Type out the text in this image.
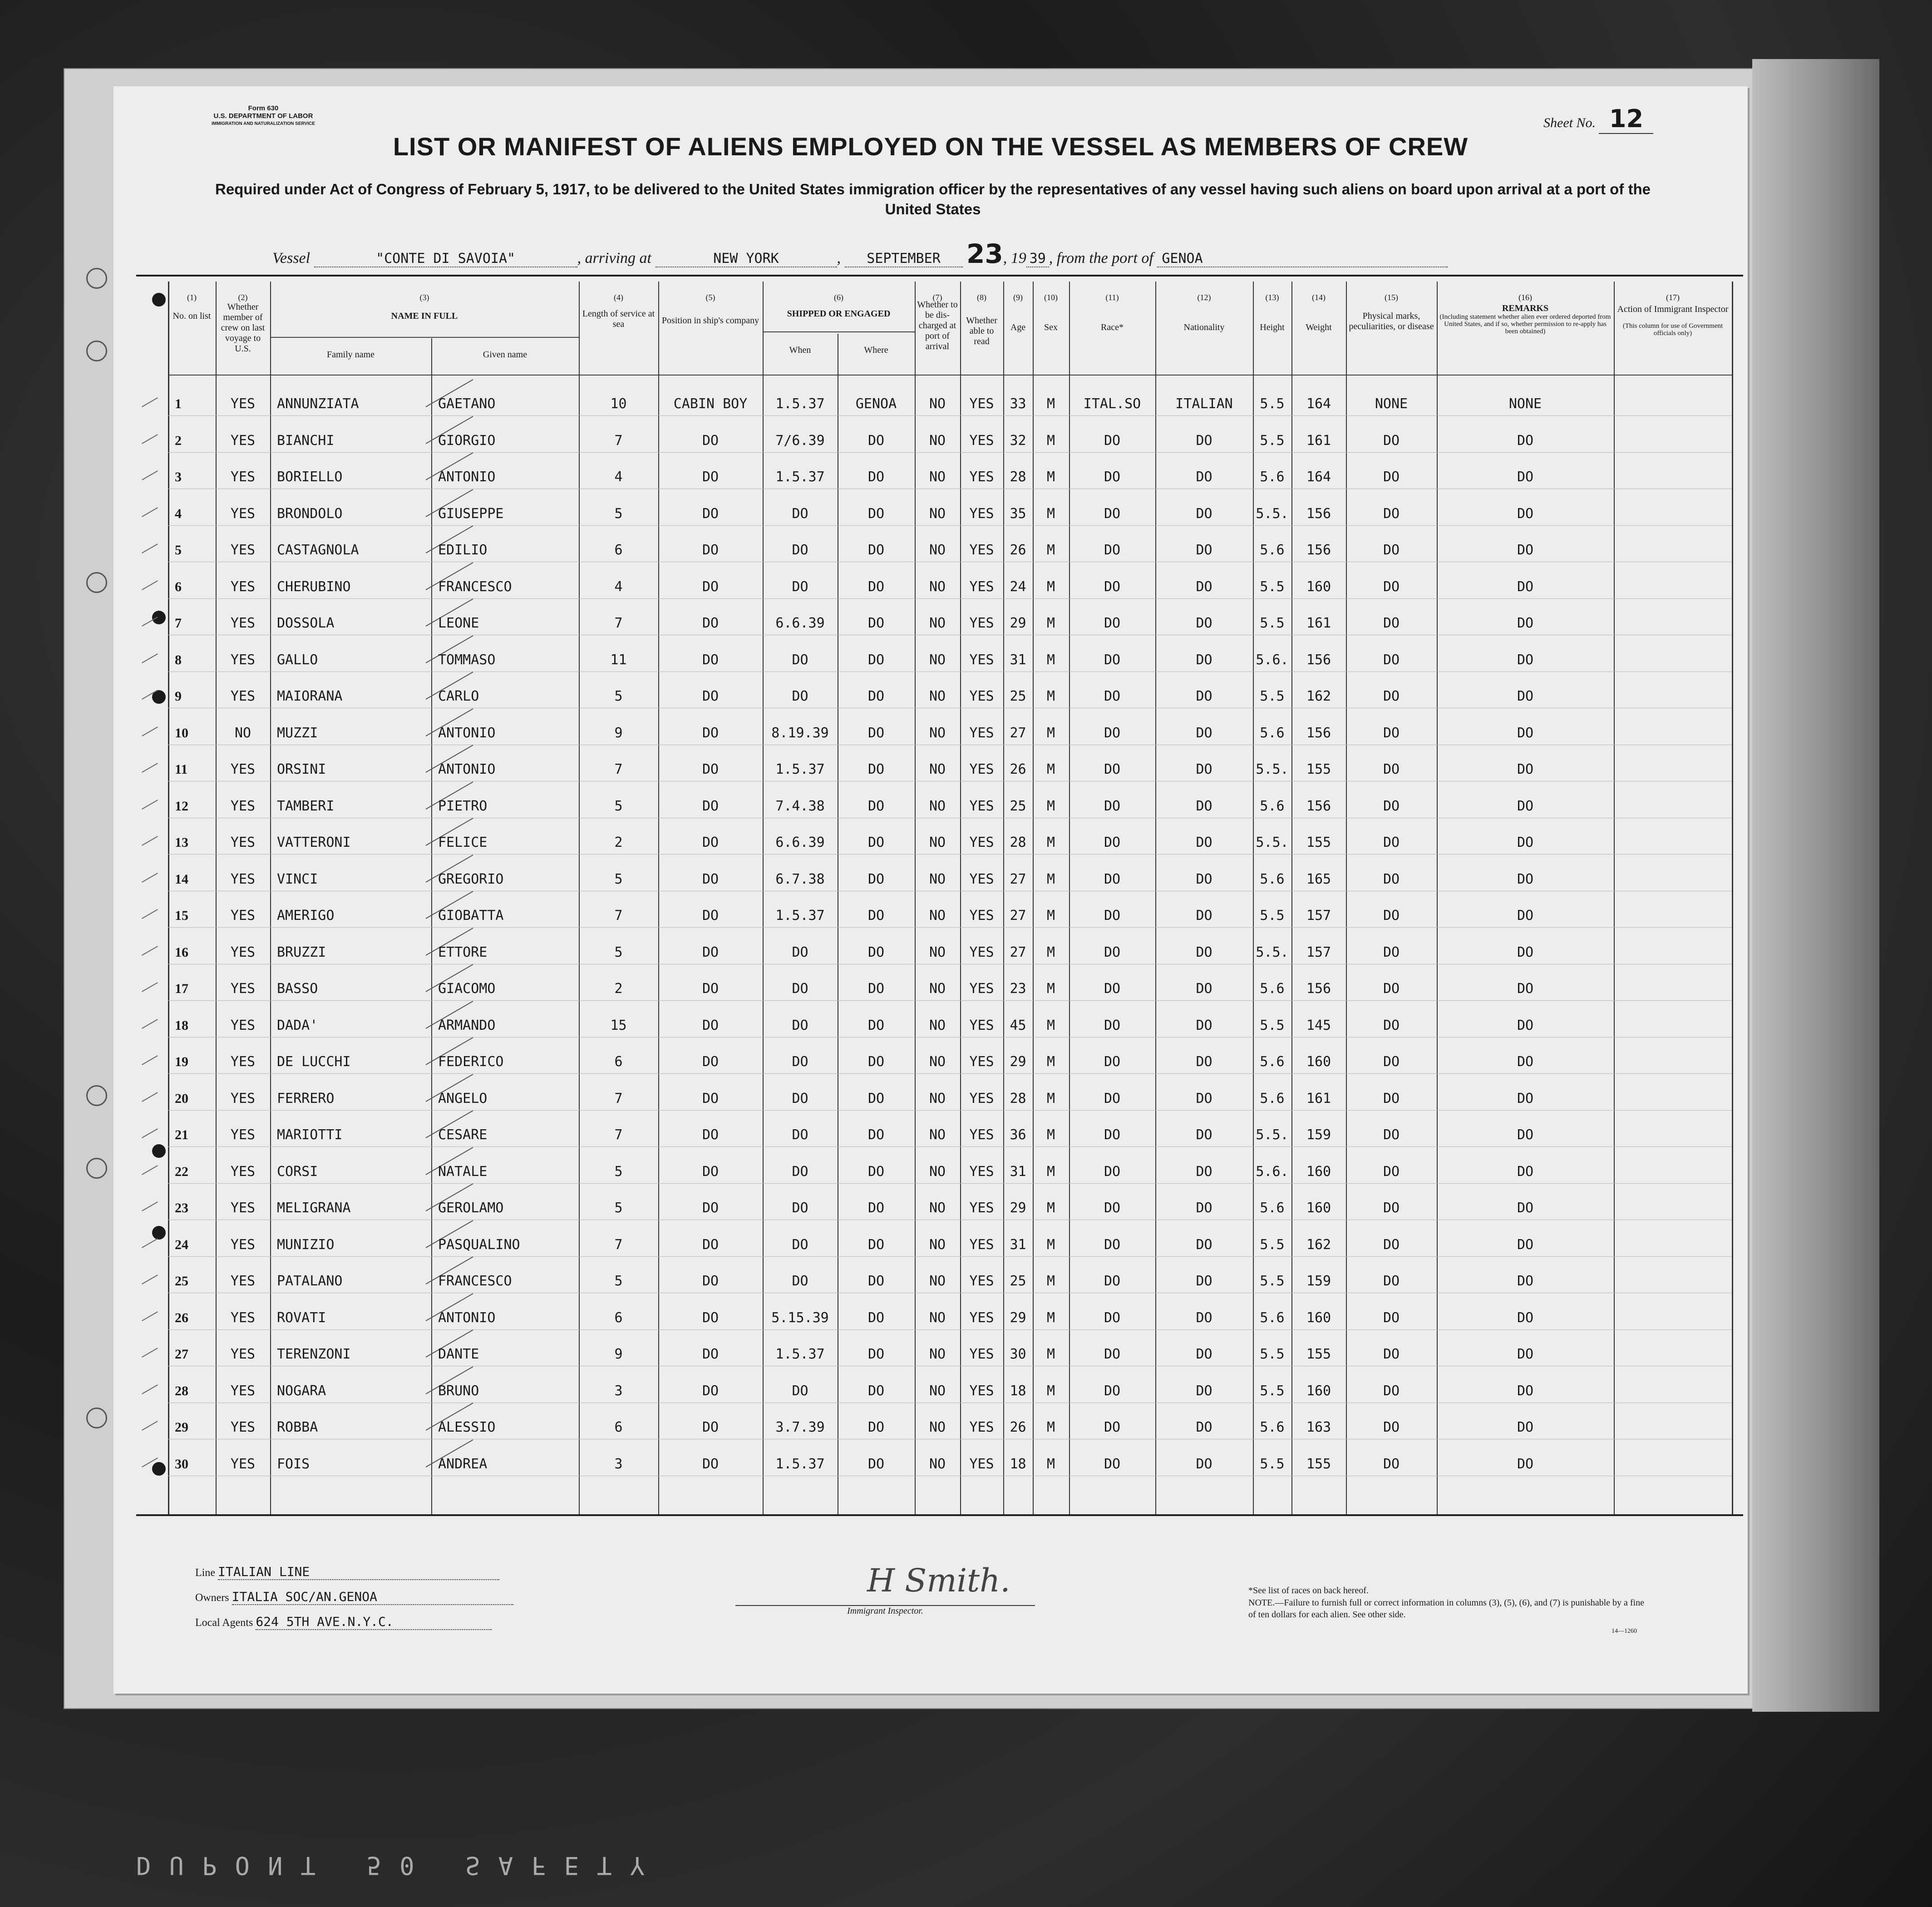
DUPONT 50 SAFETY
Form 630
U.S. DEPARTMENT OF LABOR
IMMIGRATION AND NATURALIZATION SERVICE	Sheet No. 12
LIST OR MANIFEST OF ALIENS EMPLOYED ON THE VESSEL AS MEMBERS OF CREW
Required under Act of Congress of February 5, 1917, to be delivered to the United States immigration officer by the representatives of any vessel having such aliens on board upon arrival at a port of the United States
Vessel	"CONTE DI SAVOIA"	, arriving at	NEW YORK	, SEPTEMBER 23, 19 39 , from the port of GENOA
(1)	(2)	(3)	(4)	(5)	(6)	(7)	(8)	(9)	(10)	(11)	(12)	(13)	(14)	(15)	(16)	(17)
No. on list
Whether member of crew on last voyage to U.S.
NAME IN FULL
Family name	Given name
Length of service at sea	Position in ship's company
SHIPPED OR ENGAGED
When	Where
Whether to be dis-charged at port of arrival
Whether able to read
Age	Sex	Race*	Nationality	Height	Weight
Physical marks, peculiarities, or disease
REMARKS
(Including statement whether alien ever ordered deported from United States, and if so, whether permission to re-apply has been obtained)
Action of Immigrant Inspector
(This column for use of Government officials only)
1	YES	ANNUNZIATA	GAETANO	10	CABIN BOY	1.5.37	GENOA	NO	YES	33	M	ITAL.SO	ITALIAN	5.5	164	NONE	NONE
2	YES	BIANCHI	GIORGIO	7	DO	7/6.39	DO	NO	YES	32	M	DO	DO	5.5	161	DO	DO
3	YES	BORIELLO	ANTONIO	4	DO	1.5.37	DO	NO	YES	28	M	DO	DO	5.6	164	DO	DO
4	YES	BRONDOLO	GIUSEPPE	5	DO	DO	DO	NO	YES	35	M	DO	DO	5.5.	156	DO	DO
5	YES	CASTAGNOLA	EDILIO	6	DO	DO	DO	NO	YES	26	M	DO	DO	5.6	156	DO	DO
6	YES	CHERUBINO	FRANCESCO	4	DO	DO	DO	NO	YES	24	M	DO	DO	5.5	160	DO	DO
7	YES	DOSSOLA	LEONE	7	DO	6.6.39	DO	NO	YES	29	M	DO	DO	5.5	161	DO	DO
8	YES	GALLO	TOMMASO	11	DO	DO	DO	NO	YES	31	M	DO	DO	5.6.	156	DO	DO
9	YES	MAIORANA	CARLO	5	DO	DO	DO	NO	YES	25	M	DO	DO	5.5	162	DO	DO
10	NO	MUZZI	ANTONIO	9	DO	8.19.39	DO	NO	YES	27	M	DO	DO	5.6	156	DO	DO
11	YES	ORSINI	ANTONIO	7	DO	1.5.37	DO	NO	YES	26	M	DO	DO	5.5.	155	DO	DO
12	YES	TAMBERI	PIETRO	5	DO	7.4.38	DO	NO	YES	25	M	DO	DO	5.6	156	DO	DO
13	YES	VATTERONI	FELICE	2	DO	6.6.39	DO	NO	YES	28	M	DO	DO	5.5.	155	DO	DO
14	YES	VINCI	GREGORIO	5	DO	6.7.38	DO	NO	YES	27	M	DO	DO	5.6	165	DO	DO
15	YES	AMERIGO	GIOBATTA	7	DO	1.5.37	DO	NO	YES	27	M	DO	DO	5.5	157	DO	DO
16	YES	BRUZZI	ETTORE	5	DO	DO	DO	NO	YES	27	M	DO	DO	5.5.	157	DO	DO
17	YES	BASSO	GIACOMO	2	DO	DO	DO	NO	YES	23	M	DO	DO	5.6	156	DO	DO
18	YES	DADA'	ARMANDO	15	DO	DO	DO	NO	YES	45	M	DO	DO	5.5	145	DO	DO
19	YES	DE LUCCHI	FEDERICO	6	DO	DO	DO	NO	YES	29	M	DO	DO	5.6	160	DO	DO
20	YES	FERRERO	ANGELO	7	DO	DO	DO	NO	YES	28	M	DO	DO	5.6	161	DO	DO
21	YES	MARIOTTI	CESARE	7	DO	DO	DO	NO	YES	36	M	DO	DO	5.5.	159	DO	DO
22	YES	CORSI	NATALE	5	DO	DO	DO	NO	YES	31	M	DO	DO	5.6.	160	DO	DO
23	YES	MELIGRANA	GEROLAMO	5	DO	DO	DO	NO	YES	29	M	DO	DO	5.6	160	DO	DO
24	YES	MUNIZIO	PASQUALINO	7	DO	DO	DO	NO	YES	31	M	DO	DO	5.5	162	DO	DO
25	YES	PATALANO	FRANCESCO	5	DO	DO	DO	NO	YES	25	M	DO	DO	5.5	159	DO	DO
26	YES	ROVATI	ANTONIO	6	DO	5.15.39	DO	NO	YES	29	M	DO	DO	5.6	160	DO	DO
27	YES	TERENZONI	DANTE	9	DO	1.5.37	DO	NO	YES	30	M	DO	DO	5.5	155	DO	DO
28	YES	NOGARA	BRUNO	3	DO	DO	DO	NO	YES	18	M	DO	DO	5.5	160	DO	DO
29	YES	ROBBA	ALESSIO	6	DO	3.7.39	DO	NO	YES	26	M	DO	DO	5.6	163	DO	DO
30	YES	FOIS	ANDREA	3	DO	1.5.37	DO	NO	YES	18	M	DO	DO	5.5	155	DO	DO
Line ITALIAN LINE
Owners ITALIA SOC/AN.GENOA
Local Agents 624 5TH AVE.N.Y.C.
H Smith.
Immigrant Inspector.
*See list of races on back hereof.
NOTE.—Failure to furnish full or correct information in columns (3), (5), (6), and (7) is punishable by a fine of ten dollars for each alien. See other side.
14—1260
